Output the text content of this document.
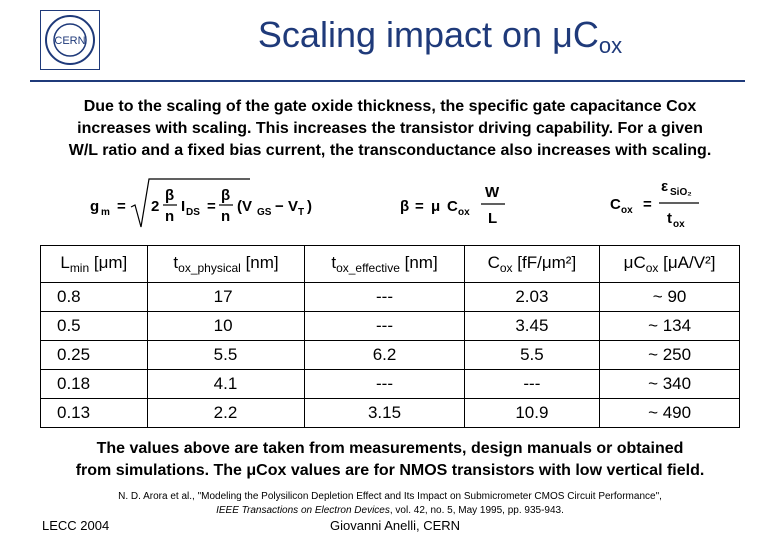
CERN	Scaling impact on $\mu C_{ox}$

Due to the scaling of the gate oxide thickness, the specific gate capacitance Cox

increases with scaling. This increases the transistor driving capability. For a given

W/L ratio and a fixed bias current, the transconductance also increases with scaling.

g m = 2
β
n
I DS =
β
n
(V GS − V T )	β = μ C ox
W
L
C ox =
ε SiO₂
t ox
$L_{min}$ [μm]	$t_{ox\_physical}$ [nm]	$t_{ox\_effective}$ [nm]	$C_{ox}$ [fF/μm²]	$\mu C_{ox}$ [μA/V²]
0.8	17	---	2.03	~ 90
0.5	10	---	3.45	~ 134
0.25	5.5	6.2	5.5	~ 250
0.18	4.1	---	---	~ 340
0.13	2.2	3.15	10.9	~ 490

The values above are taken from measurements, design manuals or obtained

from simulations. The μCox values are for NMOS transistors with low vertical field.

N. D. Arora et al., "Modeling the Polysilicon Depletion Effect and Its Impact on Submicrometer CMOS Circuit Performance",

IEEE Transactions on Electron Devices, vol. 42, no. 5, May 1995, pp. 935-943.

LECC 2004	Giovanni Anelli, CERN
